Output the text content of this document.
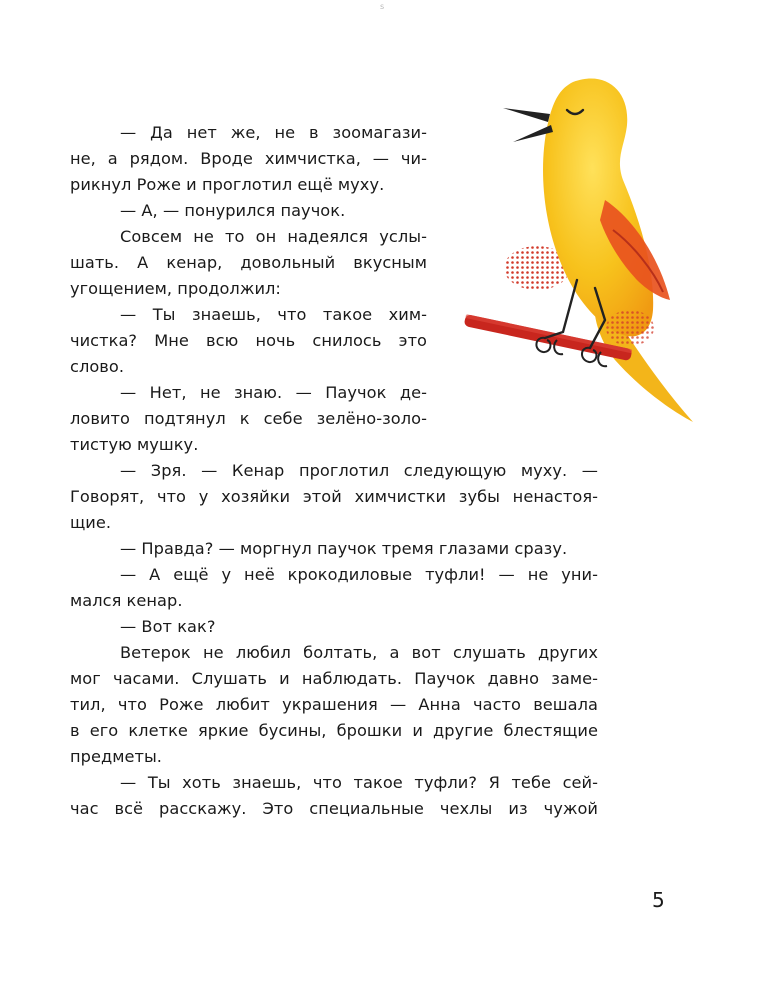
s
— Да нет же, не в зоомагази-
не, а рядом. Вроде химчистка, — чи-
рикнул Роже и проглотил ещё муху.
— А, — понурился паучок.
Совсем не то он надеялся услы-
шать. А кенар, довольный вкусным
угощением, продолжил:
— Ты знаешь, что такое хим-
чистка? Мне всю ночь снилось это
слово.
— Нет, не знаю. — Паучок де-
ловито подтянул к себе зелёно-золо-
тистую мушку.
— Зря. — Кенар проглотил следующую муху. —
Говорят, что у хозяйки этой химчистки зубы ненастоя-
щие.
— Правда? — моргнул паучок тремя глазами сразу.
— А ещё у неё крокодиловые туфли! — не уни-
мался кенар.
— Вот как?
Ветерок не любил болтать, а вот слушать других
мог часами. Слушать и наблюдать. Паучок давно заме-
тил, что Роже любит украшения — Анна часто вешала
в его клетке яркие бусины, брошки и другие блестящие
предметы.
— Ты хоть знаешь, что такое туфли? Я тебе сей-
час всё расскажу. Это специальные чехлы из чужой
5
